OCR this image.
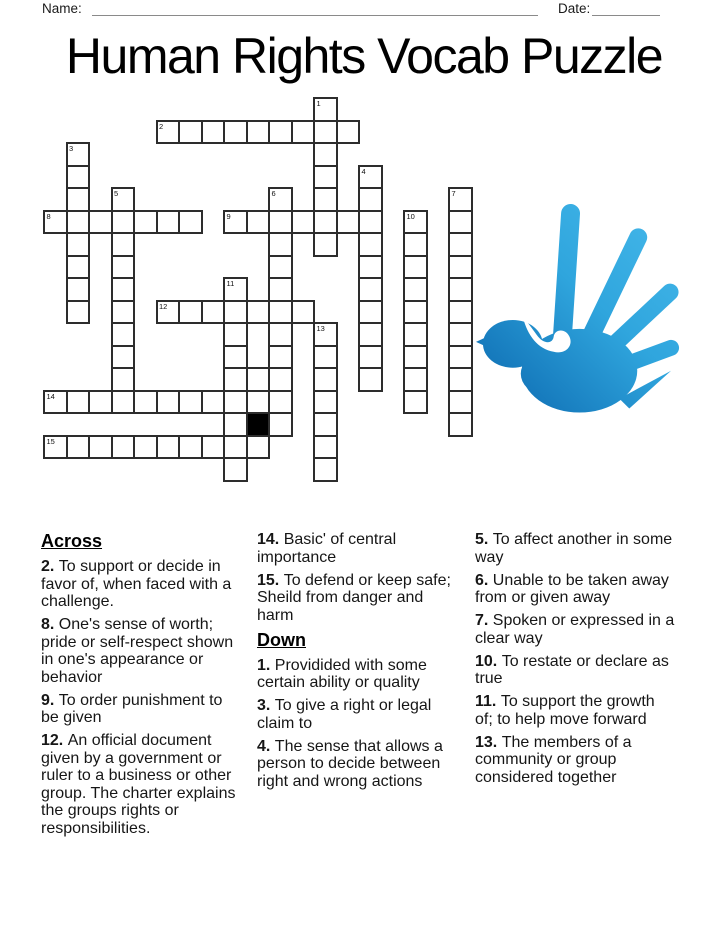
Name:	Date:
Human Rights Vocab Puzzle
1
2
3
4
5	6	7
8	9	10
11
12
13
14
15
Across
2. To support or decide in favor of, when faced with a challenge.
8. One's sense of worth; pride or self-respect shown in one's appearance or behavior
9. To order punishment to be given
12. An official document given by a government or ruler to a business or other group. The charter explains the groups rights or responsibilities.
14. Basic' of central importance
15. To defend or keep safe; Sheild from danger and harm
Down
1. Providided with some certain ability or quality
3. To give a right or legal claim to
4. The sense that allows a person to decide between right and wrong actions
5. To affect another in some way
6. Unable to be taken away from or given away
7. Spoken or expressed in a clear way
10. To restate or declare as true
11. To support the growth of; to help move forward
13. The members of a community or group considered together
